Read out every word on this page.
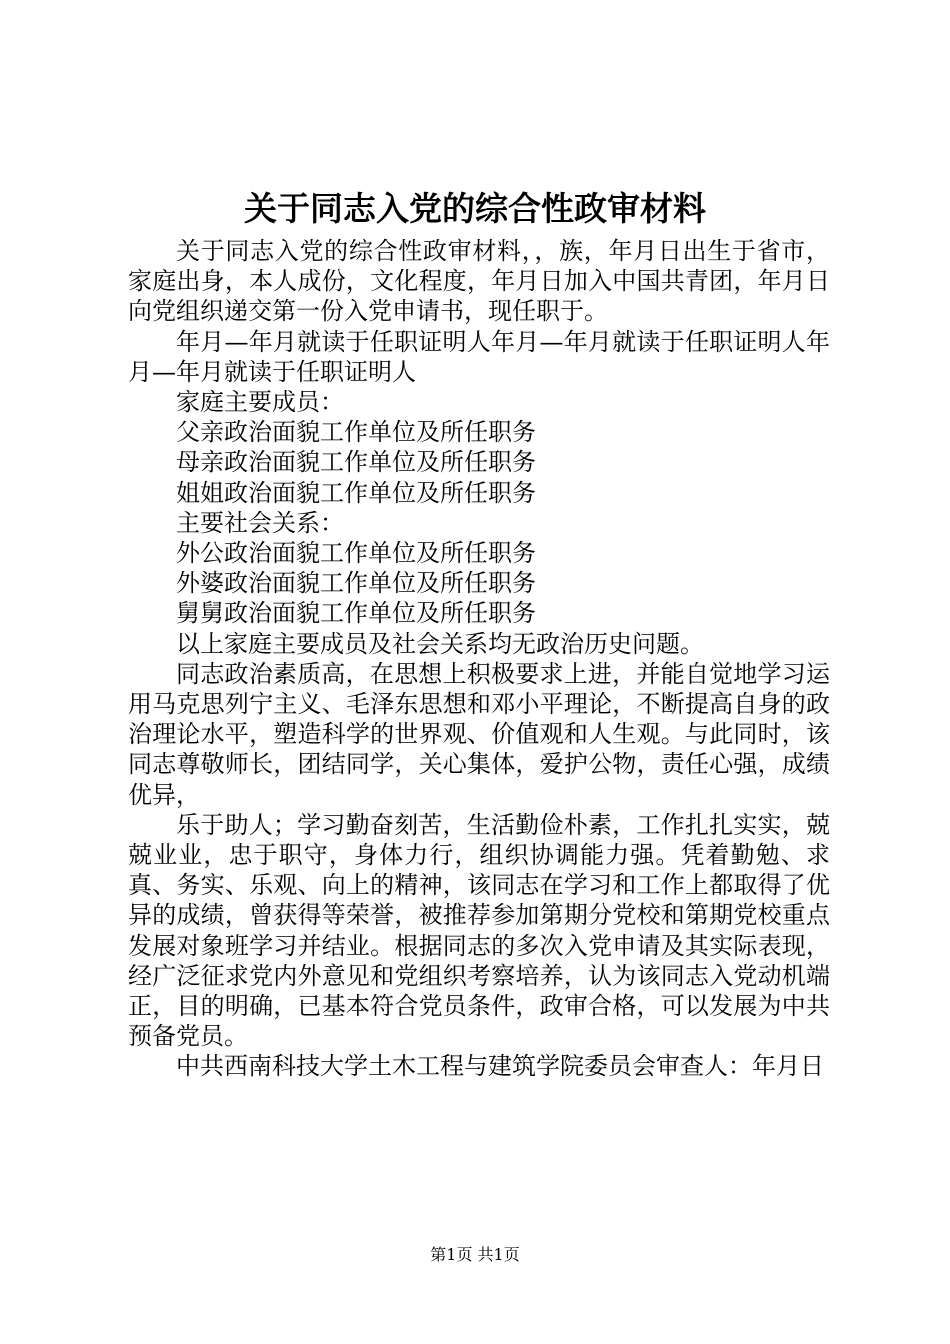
关于同志入党的综合性政审材料

关于同志入党的综合性政审材料，，族，年月日出生于省市，家庭出身，本人成份，文化程度，年月日加入中国共青团，年月日向党组织递交第一份入党申请书，现任职于。

年月—年月就读于任职证明人年月—年月就读于任职证明人年月—年月就读于任职证明人

家庭主要成员：

父亲政治面貌工作单位及所任职务

母亲政治面貌工作单位及所任职务

姐姐政治面貌工作单位及所任职务

主要社会关系：

外公政治面貌工作单位及所任职务

外婆政治面貌工作单位及所任职务

舅舅政治面貌工作单位及所任职务

以上家庭主要成员及社会关系均无政治历史问题。

同志政治素质高，在思想上积极要求上进，并能自觉地学习运用马克思列宁主义、毛泽东思想和邓小平理论，不断提高自身的政治理论水平，塑造科学的世界观、价值观和人生观。与此同时，该同志尊敬师长，团结同学，关心集体，爱护公物，责任心强，成绩优异，

乐于助人；学习勤奋刻苦，生活勤俭朴素，工作扎扎实实，兢兢业业，忠于职守，身体力行，组织协调能力强。凭着勤勉、求真、务实、乐观、向上的精神，该同志在学习和工作上都取得了优异的成绩，曾获得等荣誉，被推荐参加第期分党校和第期党校重点发展对象班学习并结业。根据同志的多次入党申请及其实际表现，经广泛征求党内外意见和党组织考察培养，认为该同志入党动机端正，目的明确，已基本符合党员条件，政审合格，可以发展为中共预备党员。

中共西南科技大学土木工程与建筑学院委员会审查人：年月日

第1页 共1页
